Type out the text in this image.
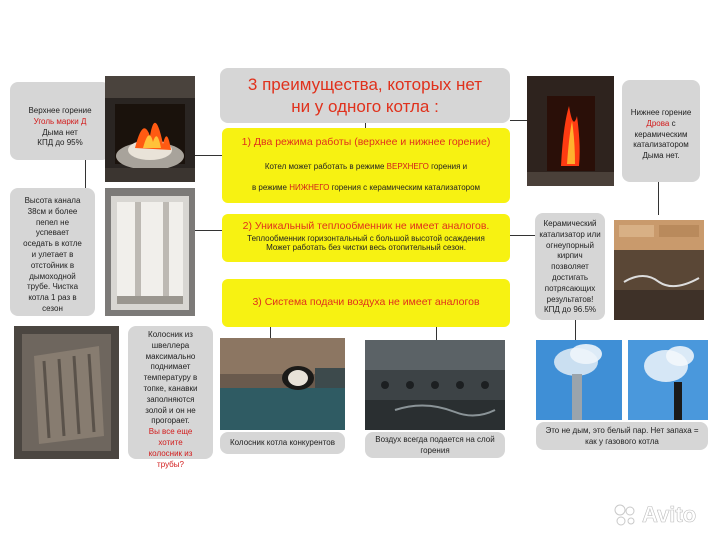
3 преимущества, которых нет
ни у одного котла :
1) Два режима работы (верхнее и нижнее горение)
Котел может работать в режиме ВЕРХНЕГО горения и
в режиме НИЖНЕГО горения с керамическим катализатором
2) Уникальный теплообменник не имеет аналогов.
Теплообменник горизонтальный с большой высотой осаждения
Может работать без чистки весь отопительный сезон.
3) Система подачи воздуха не имеет аналогов
Верхнее горение
Уголь марки Д
Дыма нет
КПД до 95%
Нижнее горение
Дрова с
керамическим
катализатором
Дыма нет.
Высота канала
38см и более
пепел не
успевает
оседать в котле
и улетает в
отстойник в
дымоходной
трубе. Чистка
котла 1 раз в
сезон
Керамический
катализатор или
огнеупорный
кирпич
позволяет
достигать
потрясающих
результатов!
КПД до 96.5%
Колосник из
швеллера
максимально
поднимает
температуру в
топке, канавки
заполняются
золой и он не
прогорает.
Вы все еще
хотите
колосник из
трубы?
Колосник котла конкурентов	Воздух всегда подается на слой
горения
Это не дым, это белый пар. Нет запаха =
как у газового котла
Avito
